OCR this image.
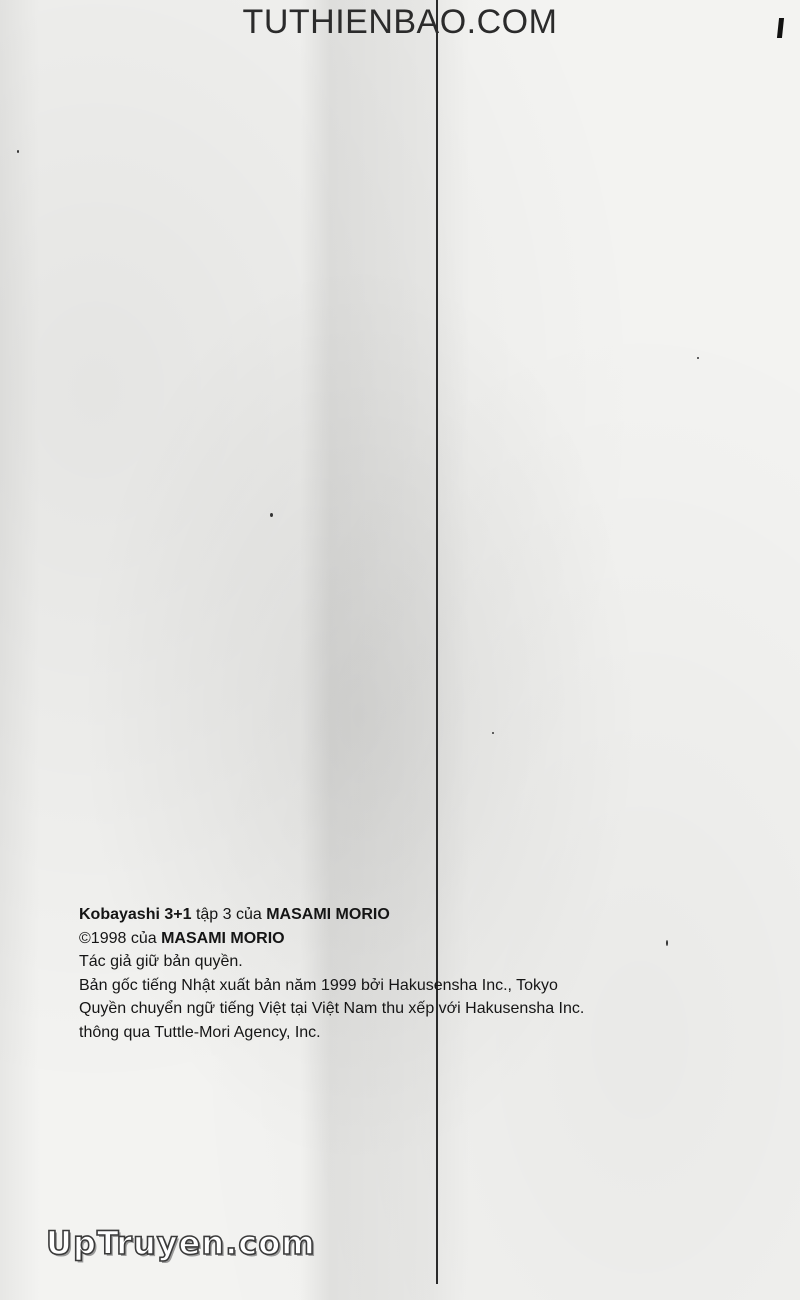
TUTHIENBAO.COM
Kobayashi 3+1 tập 3 của MASAMI MORIO
©1998 của MASAMI MORIO
Tác giả giữ bản quyền.
Bản gốc tiếng Nhật xuất bản năm 1999 bởi Hakusensha Inc., Tokyo
Quyền chuyển ngữ tiếng Việt tại Việt Nam thu xếp với Hakusensha Inc.
thông qua Tuttle-Mori Agency, Inc.
UpTruyen.com
